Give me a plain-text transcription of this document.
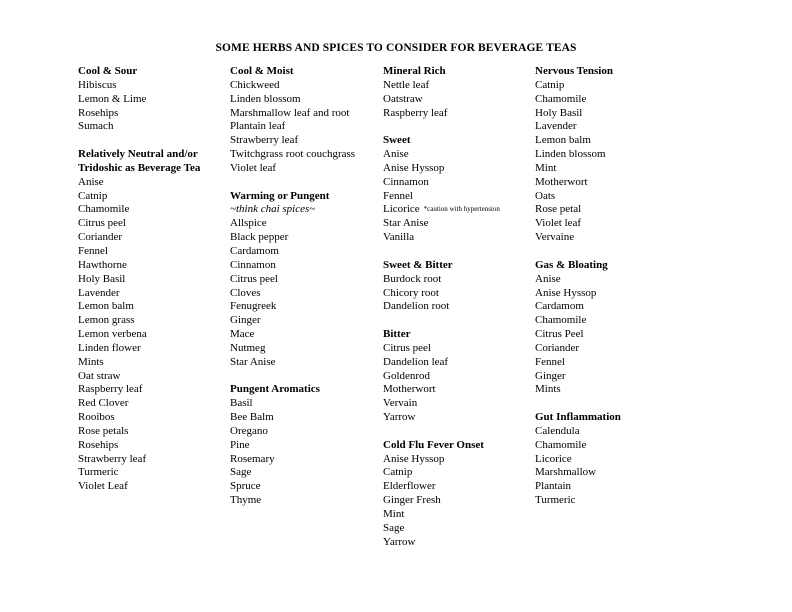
SOME HERBS AND SPICES TO CONSIDER FOR BEVERAGE TEAS
Cool & Sour
Hibiscus
Lemon & Lime
Rosehips
Sumach
Relatively Neutral and/or
Tridoshic as Beverage Tea
Anise
Catnip
Chamomile
Citrus peel
Coriander
Fennel
Hawthorne
Holy Basil
Lavender
Lemon balm
Lemon grass
Lemon verbena
Linden flower
Mints
Oat straw
Raspberry leaf
Red Clover
Rooibos
Rose petals
Rosehips
Strawberry leaf
Turmeric
Violet Leaf
Cool & Moist
Chickweed
Linden blossom
Marshmallow leaf and root
Plantain leaf
Strawberry leaf
Twitchgrass root couchgrass
Violet leaf
Warming or Pungent
~think chai spices~
Allspice
Black pepper
Cardamom
Cinnamon
Citrus peel
Cloves
Fenugreek
Ginger
Mace
Nutmeg
Star Anise
Pungent Aromatics
Basil
Bee Balm
Oregano
Pine
Rosemary
Sage
Spruce
Thyme
Mineral Rich
Nettle leaf
Oatstraw
Raspberry leaf
Sweet
Anise
Anise Hyssop
Cinnamon
Fennel
Licorice *caution with hypertension
Star Anise
Vanilla
Sweet & Bitter
Burdock root
Chicory root
Dandelion root
Bitter
Citrus peel
Dandelion leaf
Goldenrod
Motherwort
Vervain
Yarrow
Cold Flu Fever Onset
Anise Hyssop
Catnip
Elderflower
Ginger Fresh
Mint
Sage
Yarrow
Nervous Tension
Catnip
Chamomile
Holy Basil
Lavender
Lemon balm
Linden blossom
Mint
Motherwort
Oats
Rose petal
Violet leaf
Vervaine
Gas & Bloating
Anise
Anise Hyssop
Cardamom
Chamomile
Citrus Peel
Coriander
Fennel
Ginger
Mints
Gut Inflammation
Calendula
Chamomile
Licorice
Marshmallow
Plantain
Turmeric
